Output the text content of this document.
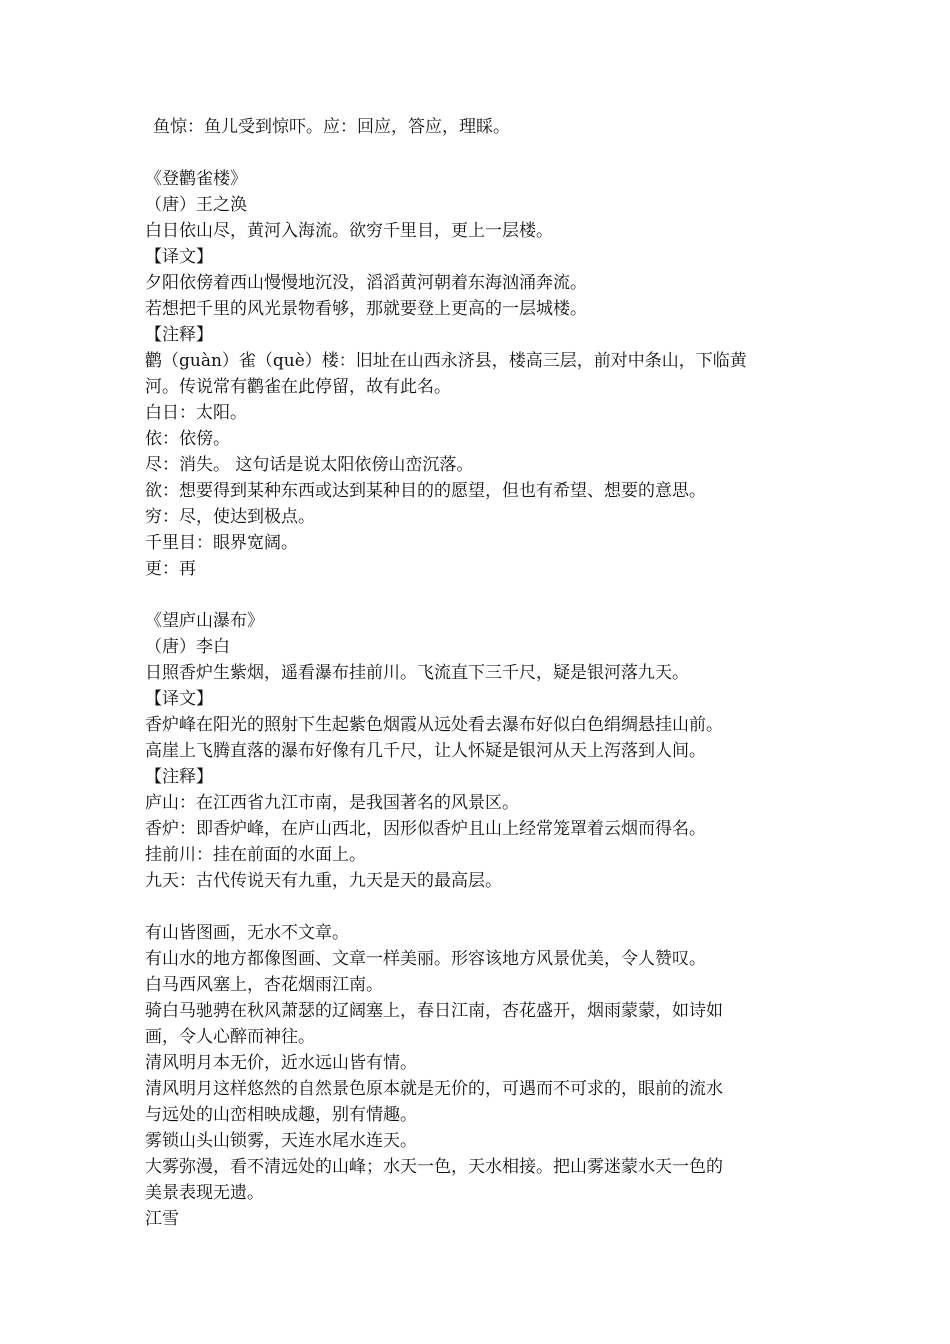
鱼惊：鱼儿受到惊吓。应：回应，答应，理睬。

《登鹳雀楼》

（唐）王之涣

白日依山尽，黄河入海流。欲穷千里目，更上一层楼。

【译文】

夕阳依傍着西山慢慢地沉没，滔滔黄河朝着东海汹涌奔流。

若想把千里的风光景物看够，那就要登上更高的一层城楼。

【注释】

鹳（guàn）雀（què）楼：旧址在山西永济县，楼高三层，前对中条山，下临黄

河。传说常有鹳雀在此停留，故有此名。

白日：太阳。

依：依傍。

尽：消失。 这句话是说太阳依傍山峦沉落。

欲：想要得到某种东西或达到某种目的的愿望，但也有希望、想要的意思。

穷：尽，使达到极点。

千里目：眼界宽阔。

更：再

《望庐山瀑布》

（唐）李白

日照香炉生紫烟，遥看瀑布挂前川。飞流直下三千尺，疑是银河落九天。

【译文】

香炉峰在阳光的照射下生起紫色烟霞从远处看去瀑布好似白色绢绸悬挂山前。

高崖上飞腾直落的瀑布好像有几千尺，让人怀疑是银河从天上泻落到人间。

【注释】

庐山：在江西省九江市南，是我国著名的风景区。

香炉：即香炉峰，在庐山西北，因形似香炉且山上经常笼罩着云烟而得名。

挂前川：挂在前面的水面上。

九天：古代传说天有九重，九天是天的最高层。

有山皆图画，无水不文章。

有山水的地方都像图画、文章一样美丽。形容该地方风景优美，令人赞叹。

白马西风塞上，杏花烟雨江南。

骑白马驰骋在秋风萧瑟的辽阔塞上，春日江南，杏花盛开，烟雨蒙蒙，如诗如

画，令人心醉而神往。

清风明月本无价，近水远山皆有情。

清风明月这样悠然的自然景色原本就是无价的，可遇而不可求的，眼前的流水

与远处的山峦相映成趣，别有情趣。

雾锁山头山锁雾，天连水尾水连天。

大雾弥漫，看不清远处的山峰；水天一色，天水相接。把山雾迷蒙水天一色的

美景表现无遗。

江雪
